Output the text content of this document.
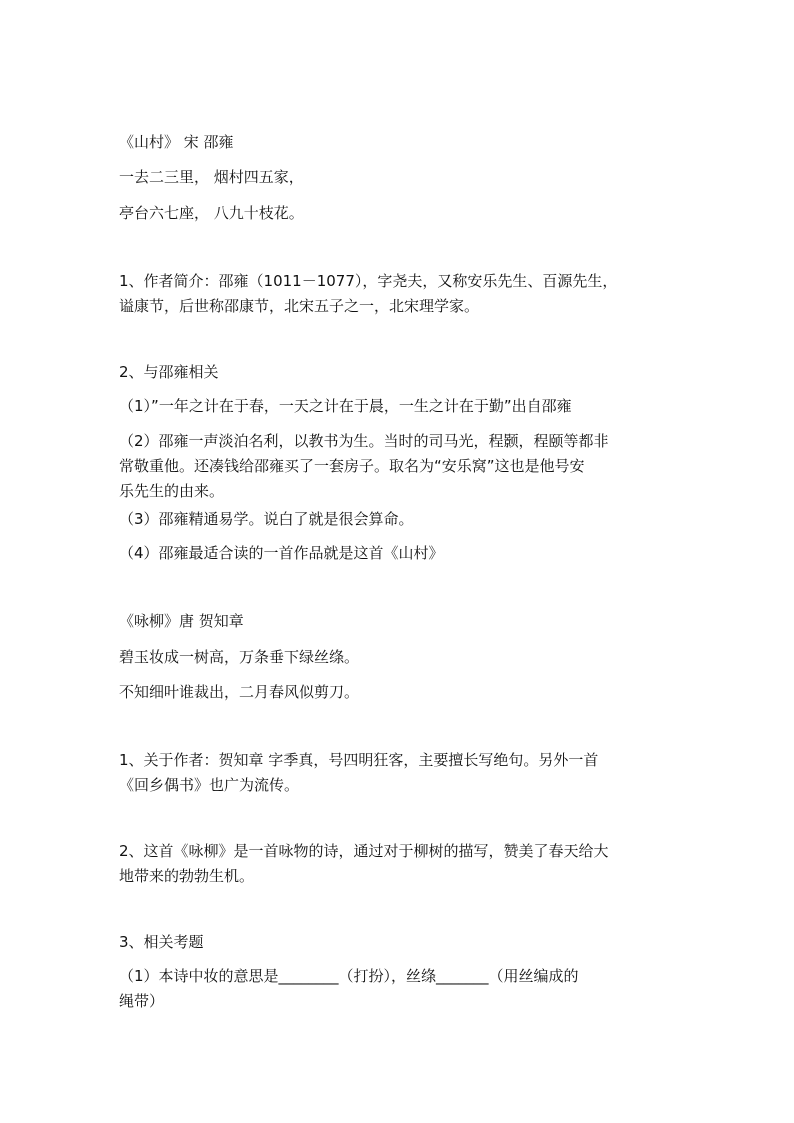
《山村》 宋 邵雍
一去二三里， 烟村四五家，
亭台六七座， 八九十枝花。
1、作者简介：邵雍（1011－1077），字尧夫，又称安乐先生、百源先生，
谥康节，后世称邵康节，北宋五子之一，北宋理学家。
2、与邵雍相关
（1）”一年之计在于春，一天之计在于晨，一生之计在于勤”出自邵雍
（2）邵雍一声淡泊名利，以教书为生。当时的司马光，程颢，程颐等都非
常敬重他。还凑钱给邵雍买了一套房子。取名为“安乐窝”这也是他号安
乐先生的由来。
（3）邵雍精通易学。说白了就是很会算命。
（4）邵雍最适合读的一首作品就是这首《山村》
《咏柳》唐 贺知章
碧玉妆成一树高，万条垂下绿丝绦。
不知细叶谁裁出，二月春风似剪刀。
1、关于作者：贺知章 字季真，号四明狂客，主要擅长写绝句。另外一首
《回乡偶书》也广为流传。
2、这首《咏柳》是一首咏物的诗，通过对于柳树的描写，赞美了春天给大
地带来的勃勃生机。
3、相关考题
（1）本诗中妆的意思是________（打扮），丝绦_______（用丝编成的
绳带）
